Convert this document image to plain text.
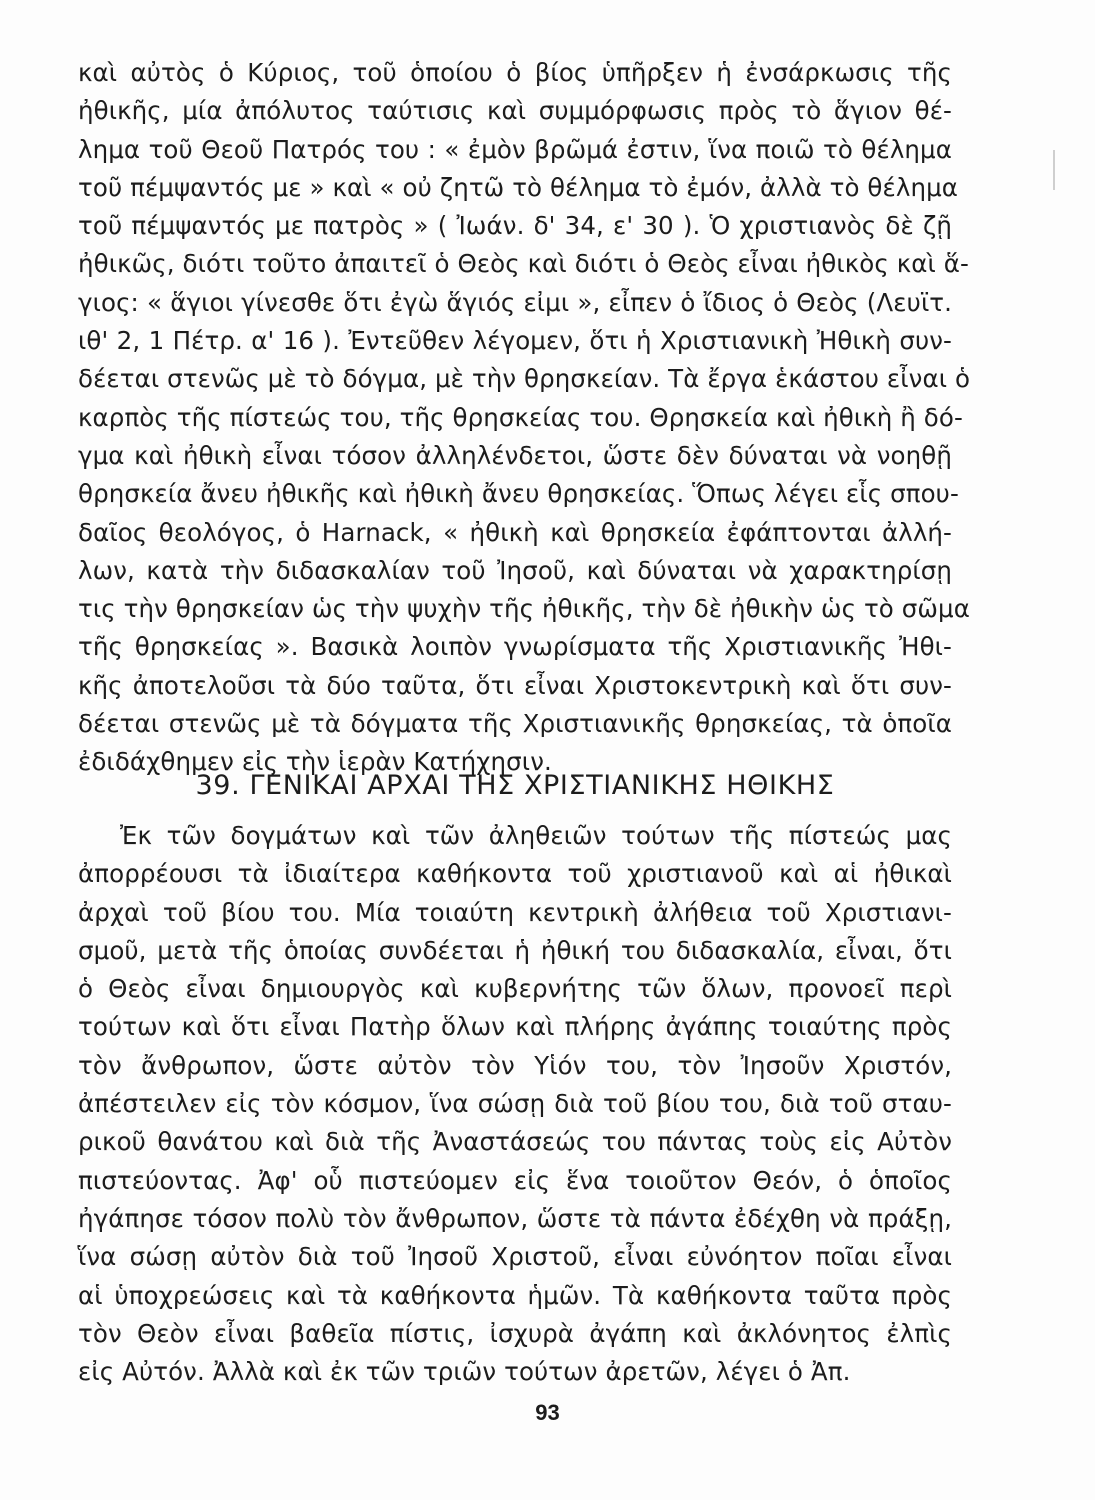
καὶ αὐτὸς ὁ Κύριος, τοῦ ὁποίου ὁ βίος ὑπῆρξεν ἡ ἐνσάρκωσις τῆς
ἠθικῆς, μία ἀπόλυτος ταύτισις καὶ συμμόρφωσις πρὸς τὸ ἅγιον θέ-
λημα τοῦ Θεοῦ Πατρός του : « ἐμὸν βρῶμά ἐστιν, ἵνα ποιῶ τὸ θέλημα
τοῦ πέμψαντός με » καὶ « οὐ ζητῶ τὸ θέλημα τὸ ἐμόν, ἀλλὰ τὸ θέλημα
τοῦ πέμψαντός με πατρὸς » ( Ἰωάν. δ' 34, ε' 30 ). Ὁ χριστιανὸς δὲ ζῇ
ἠθικῶς, διότι τοῦτο ἀπαιτεῖ ὁ Θεὸς καὶ διότι ὁ Θεὸς εἶναι ἠθικὸς καὶ ἅ-
γιος: « ἅγιοι γίνεσθε ὅτι ἐγὼ ἅγιός εἰμι », εἶπεν ὁ ἴδιος ὁ Θεὸς (Λευϊτ.
ιθ' 2, 1 Πέτρ. α' 16 ). Ἐντεῦθεν λέγομεν, ὅτι ἡ Χριστιανικὴ Ἠθικὴ συν-
δέεται στενῶς μὲ τὸ δόγμα, μὲ τὴν θρησκείαν. Τὰ ἔργα ἑκάστου εἶναι ὁ
καρπὸς τῆς πίστεώς του, τῆς θρησκείας του. Θρησκεία καὶ ἠθικὴ ἢ δό-
γμα καὶ ἠθικὴ εἶναι τόσον ἀλληλένδετοι, ὥστε δὲν δύναται νὰ νοηθῇ
θρησκεία ἄνευ ἠθικῆς καὶ ἠθικὴ ἄνευ θρησκείας. Ὅπως λέγει εἷς σπου-
δαῖος θεολόγος, ὁ Harnack, « ἠθικὴ καὶ θρησκεία ἐφάπτονται ἀλλή-
λων, κατὰ τὴν διδασκαλίαν τοῦ Ἰησοῦ, καὶ δύναται νὰ χαρακτηρίσῃ
τις τὴν θρησκείαν ὡς τὴν ψυχὴν τῆς ἠθικῆς, τὴν δὲ ἠθικὴν ὡς τὸ σῶμα
τῆς θρησκείας ». Βασικὰ λοιπὸν γνωρίσματα τῆς Χριστιανικῆς Ἠθι-
κῆς ἀποτελοῦσι τὰ δύο ταῦτα, ὅτι εἶναι Χριστοκεντρικὴ καὶ ὅτι συν-
δέεται στενῶς μὲ τὰ δόγματα τῆς Χριστιανικῆς θρησκείας, τὰ ὁποῖα
ἐδιδάχθημεν εἰς τὴν ἱερὰν Κατήχησιν.
39. ΓΕΝΙΚΑΙ ΑΡΧΑΙ ΤΗΣ ΧΡΙΣΤΙΑΝΙΚΗΣ ΗΘΙΚΗΣ
Ἐκ τῶν δογμάτων καὶ τῶν ἀληθειῶν τούτων τῆς πίστεώς μας
ἀπορρέουσι τὰ ἰδιαίτερα καθήκοντα τοῦ χριστιανοῦ καὶ αἱ ἠθικαὶ
ἀρχαὶ τοῦ βίου του. Μία τοιαύτη κεντρικὴ ἀλήθεια τοῦ Χριστιανι-
σμοῦ, μετὰ τῆς ὁποίας συνδέεται ἡ ἠθική του διδασκαλία, εἶναι, ὅτι
ὁ Θεὸς εἶναι δημιουργὸς καὶ κυβερνήτης τῶν ὅλων, προνοεῖ περὶ
τούτων καὶ ὅτι εἶναι Πατὴρ ὅλων καὶ πλήρης ἀγάπης τοιαύτης πρὸς
τὸν ἄνθρωπον, ὥστε αὐτὸν τὸν Υἱόν του, τὸν Ἰησοῦν Χριστόν,
ἀπέστειλεν εἰς τὸν κόσμον, ἵνα σώσῃ διὰ τοῦ βίου του, διὰ τοῦ σταυ-
ρικοῦ θανάτου καὶ διὰ τῆς Ἀναστάσεώς του πάντας τοὺς εἰς Αὐτὸν
πιστεύοντας. Ἀφ' οὗ πιστεύομεν εἰς ἕνα τοιοῦτον Θεόν, ὁ ὁποῖος
ἠγάπησε τόσον πολὺ τὸν ἄνθρωπον, ὥστε τὰ πάντα ἐδέχθη νὰ πράξῃ,
ἵνα σώσῃ αὐτὸν διὰ τοῦ Ἰησοῦ Χριστοῦ, εἶναι εὐνόητον ποῖαι εἶναι
αἱ ὑποχρεώσεις καὶ τὰ καθήκοντα ἡμῶν. Τὰ καθήκοντα ταῦτα πρὸς
τὸν Θεὸν εἶναι βαθεῖα πίστις, ἰσχυρὰ ἀγάπη καὶ ἀκλόνητος ἐλπὶς
εἰς Αὐτόν. Ἀλλὰ καὶ ἐκ τῶν τριῶν τούτων ἀρετῶν, λέγει ὁ Ἀπ.
93
